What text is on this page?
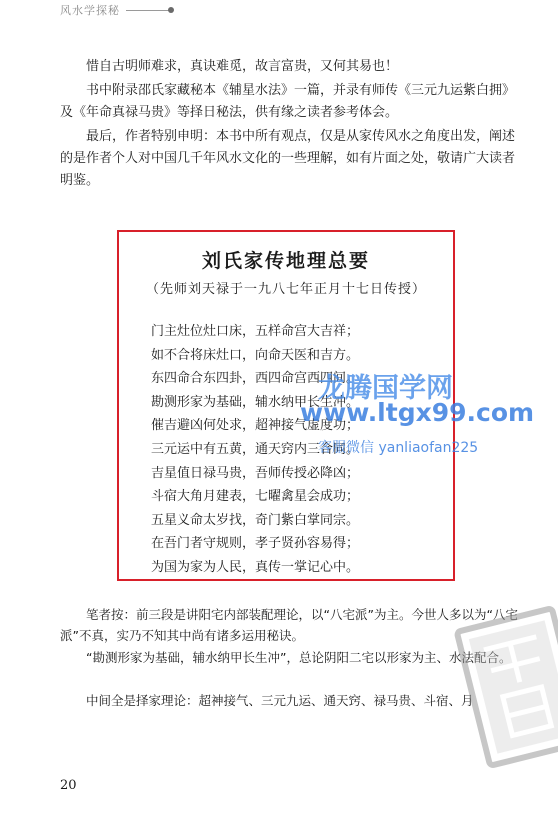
风水学探秘

惜自古明师难求，真诀难觅，故言富贵，又何其易也！

书中附录邵氏家藏秘本《辅星水法》一篇，并录有师传《三元九运紫白拥》及《年命真禄马贵》等择日秘法，供有缘之读者参考体会。

最后，作者特别申明：本书中所有观点，仅是从家传风水之角度出发，阐述的是作者个人对中国几千年风水文化的一些理解，如有片面之处，敬请广大读者明鉴。

刘氏家传地理总要
（先师刘天禄于一九八七年正月十七日传授）
门主灶位灶口床，五样命宫大吉祥；
如不合将床灶口，向命天医和吉方。
东四命合东四卦，西四命宫西四间。
勘测形家为基础，辅水纳甲长生冲。
催吉避凶何处求，超神接气虚度功；
三元运中有五黄，通天窍内三合同。
吉星值日禄马贵，吾师传授必降凶；
斗宿大角月建表，七曜禽星会成功；
五星义命太岁找，奇门紫白掌同宗。
在吾门者守规则，孝子贤孙容易得；
为国为家为人民，真传一掌记心中。
龙腾国学网
www.ltgx99.com
客服微信 yanliaofan225

笔者按：前三段是讲阳宅内部装配理论，以“八宅派”为主。今世人多以为“八宅派”不真，实乃不知其中尚有诸多运用秘诀。

“勘测形家为基础，辅水纳甲长生冲”，总论阴阳二宅以形家为主、水法配合。

中间全是择家理论：超神接气、三元九运、通天窍、禄马贵、斗宿、月

20
